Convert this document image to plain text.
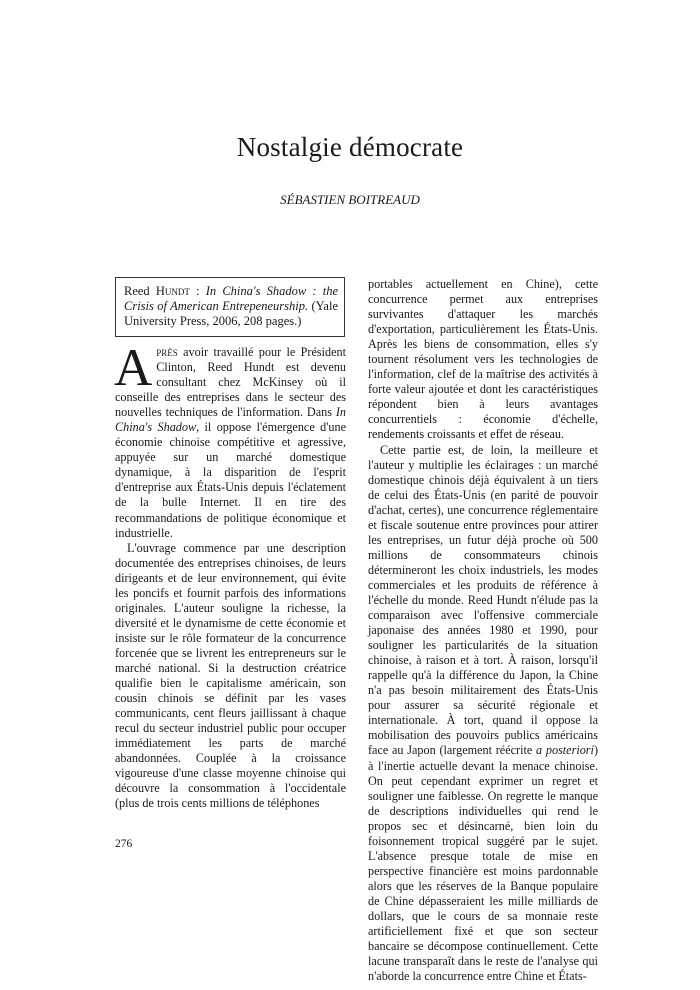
Nostalgie démocrate
SÉBASTIEN BOITREAUD
Reed Hundt : In China's Shadow : the Crisis of American Entrepeneurship. (Yale University Press, 2006, 208 pages.)

Après avoir travaillé pour le Président Clinton, Reed Hundt est devenu consultant chez McKinsey où il conseille des entreprises dans le secteur des nouvelles techniques de l'information. Dans In China's Shadow, il oppose l'émergence d'une économie chinoise compétitive et agressive, appuyée sur un marché domestique dynamique, à la disparition de l'esprit d'entreprise aux États-Unis depuis l'éclatement de la bulle Internet. Il en tire des recommandations de politique économique et industrielle.

L'ouvrage commence par une description documentée des entreprises chinoises, de leurs dirigeants et de leur environnement, qui évite les poncifs et fournit parfois des informations originales. L'auteur souligne la richesse, la diversité et le dynamisme de cette économie et insiste sur le rôle formateur de la concurrence forcenée que se livrent les entrepreneurs sur le marché national. Si la destruction créatrice qualifie bien le capitalisme américain, son cousin chinois se définit par les vases communicants, cent fleurs jaillissant à chaque recul du secteur industriel public pour occuper immédiatement les parts de marché abandonnées. Couplée à la croissance vigoureuse d'une classe moyenne chinoise qui découvre la consommation à l'occidentale (plus de trois cents millions de téléphones

portables actuellement en Chine), cette concurrence permet aux entreprises survivantes d'attaquer les marchés d'exportation, particulièrement les États-Unis. Après les biens de consommation, elles s'y tournent résolument vers les technologies de l'information, clef de la maîtrise des activités à forte valeur ajoutée et dont les caractéristiques répondent bien à leurs avantages concurrentiels : économie d'échelle, rendements croissants et effet de réseau.

Cette partie est, de loin, la meilleure et l'auteur y multiplie les éclairages : un marché domestique chinois déjà équivalent à un tiers de celui des États-Unis (en parité de pouvoir d'achat, certes), une concurrence réglementaire et fiscale soutenue entre provinces pour attirer les entreprises, un futur déjà proche où 500 millions de consommateurs chinois détermineront les choix industriels, les modes commerciales et les produits de référence à l'échelle du monde. Reed Hundt n'élude pas la comparaison avec l'offensive commerciale japonaise des années 1980 et 1990, pour souligner les particularités de la situation chinoise, à raison et à tort. À raison, lorsqu'il rappelle qu'à la différence du Japon, la Chine n'a pas besoin militairement des États-Unis pour assurer sa sécurité régionale et internationale. À tort, quand il oppose la mobilisation des pouvoirs publics américains face au Japon (largement réécrite a posteriori) à l'inertie actuelle devant la menace chinoise. On peut cependant exprimer un regret et souligner une faiblesse. On regrette le manque de descriptions individuelles qui rend le propos sec et désincarné, bien loin du foisonnement tropical suggéré par le sujet. L'absence presque totale de mise en perspective financière est moins pardonnable alors que les réserves de la Banque populaire de Chine dépasseraient les mille milliards de dollars, que le cours de sa monnaie reste artificiellement fixé et que son secteur bancaire se décompose continuellement. Cette lacune transparaît dans le reste de l'analyse qui n'aborde la concurrence entre Chine et États-

276
